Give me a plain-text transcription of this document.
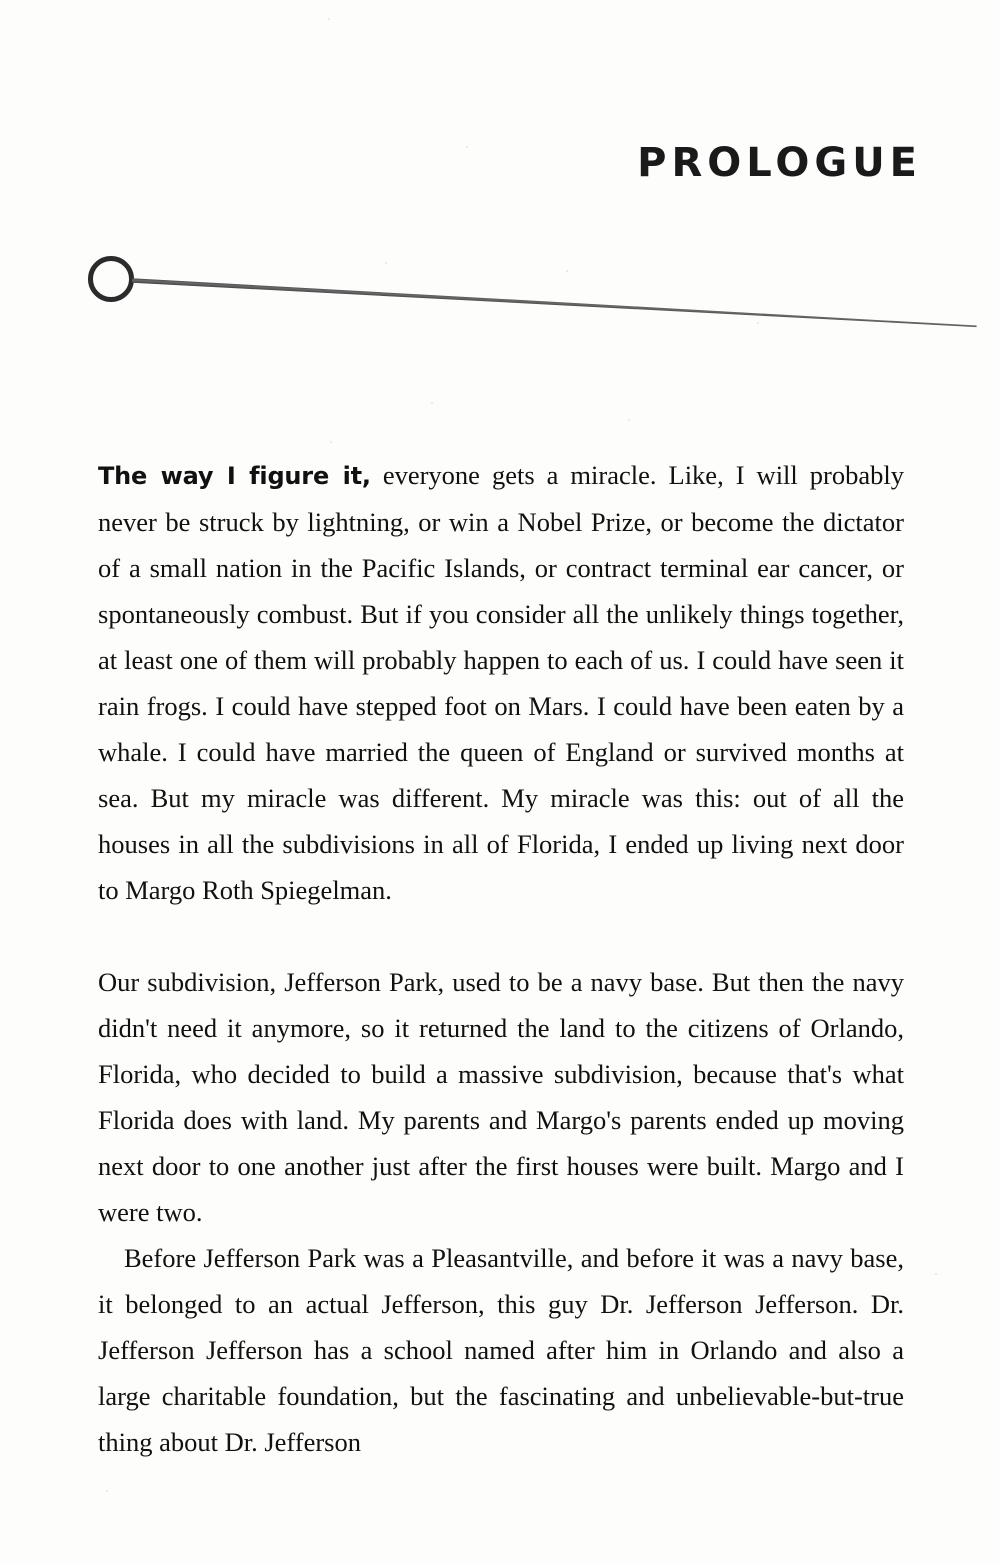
PROLOGUE

The way I figure it, everyone gets a miracle. Like, I will probably never be struck by lightning, or win a Nobel Prize, or become the dictator of a small nation in the Pacific Islands, or contract terminal ear cancer, or spontaneously combust. But if you consider all the unlikely things together, at least one of them will probably happen to each of us. I could have seen it rain frogs. I could have stepped foot on Mars. I could have been eaten by a whale. I could have married the queen of England or survived months at sea. But my miracle was different. My miracle was this: out of all the houses in all the subdivisions in all of Florida, I ended up living next door to Margo Roth Spiegelman.

Our subdivision, Jefferson Park, used to be a navy base. But then the navy didn't need it anymore, so it returned the land to the citizens of Orlando, Florida, who decided to build a massive subdivision, because that's what Florida does with land. My parents and Margo's parents ended up moving next door to one another just after the first houses were built. Margo and I were two.

Before Jefferson Park was a Pleasantville, and before it was a navy base, it belonged to an actual Jefferson, this guy Dr. Jefferson Jefferson. Dr. Jefferson Jefferson has a school named after him in Orlando and also a large charitable foundation, but the fascinating and unbelievable-but-true thing about Dr. Jefferson
